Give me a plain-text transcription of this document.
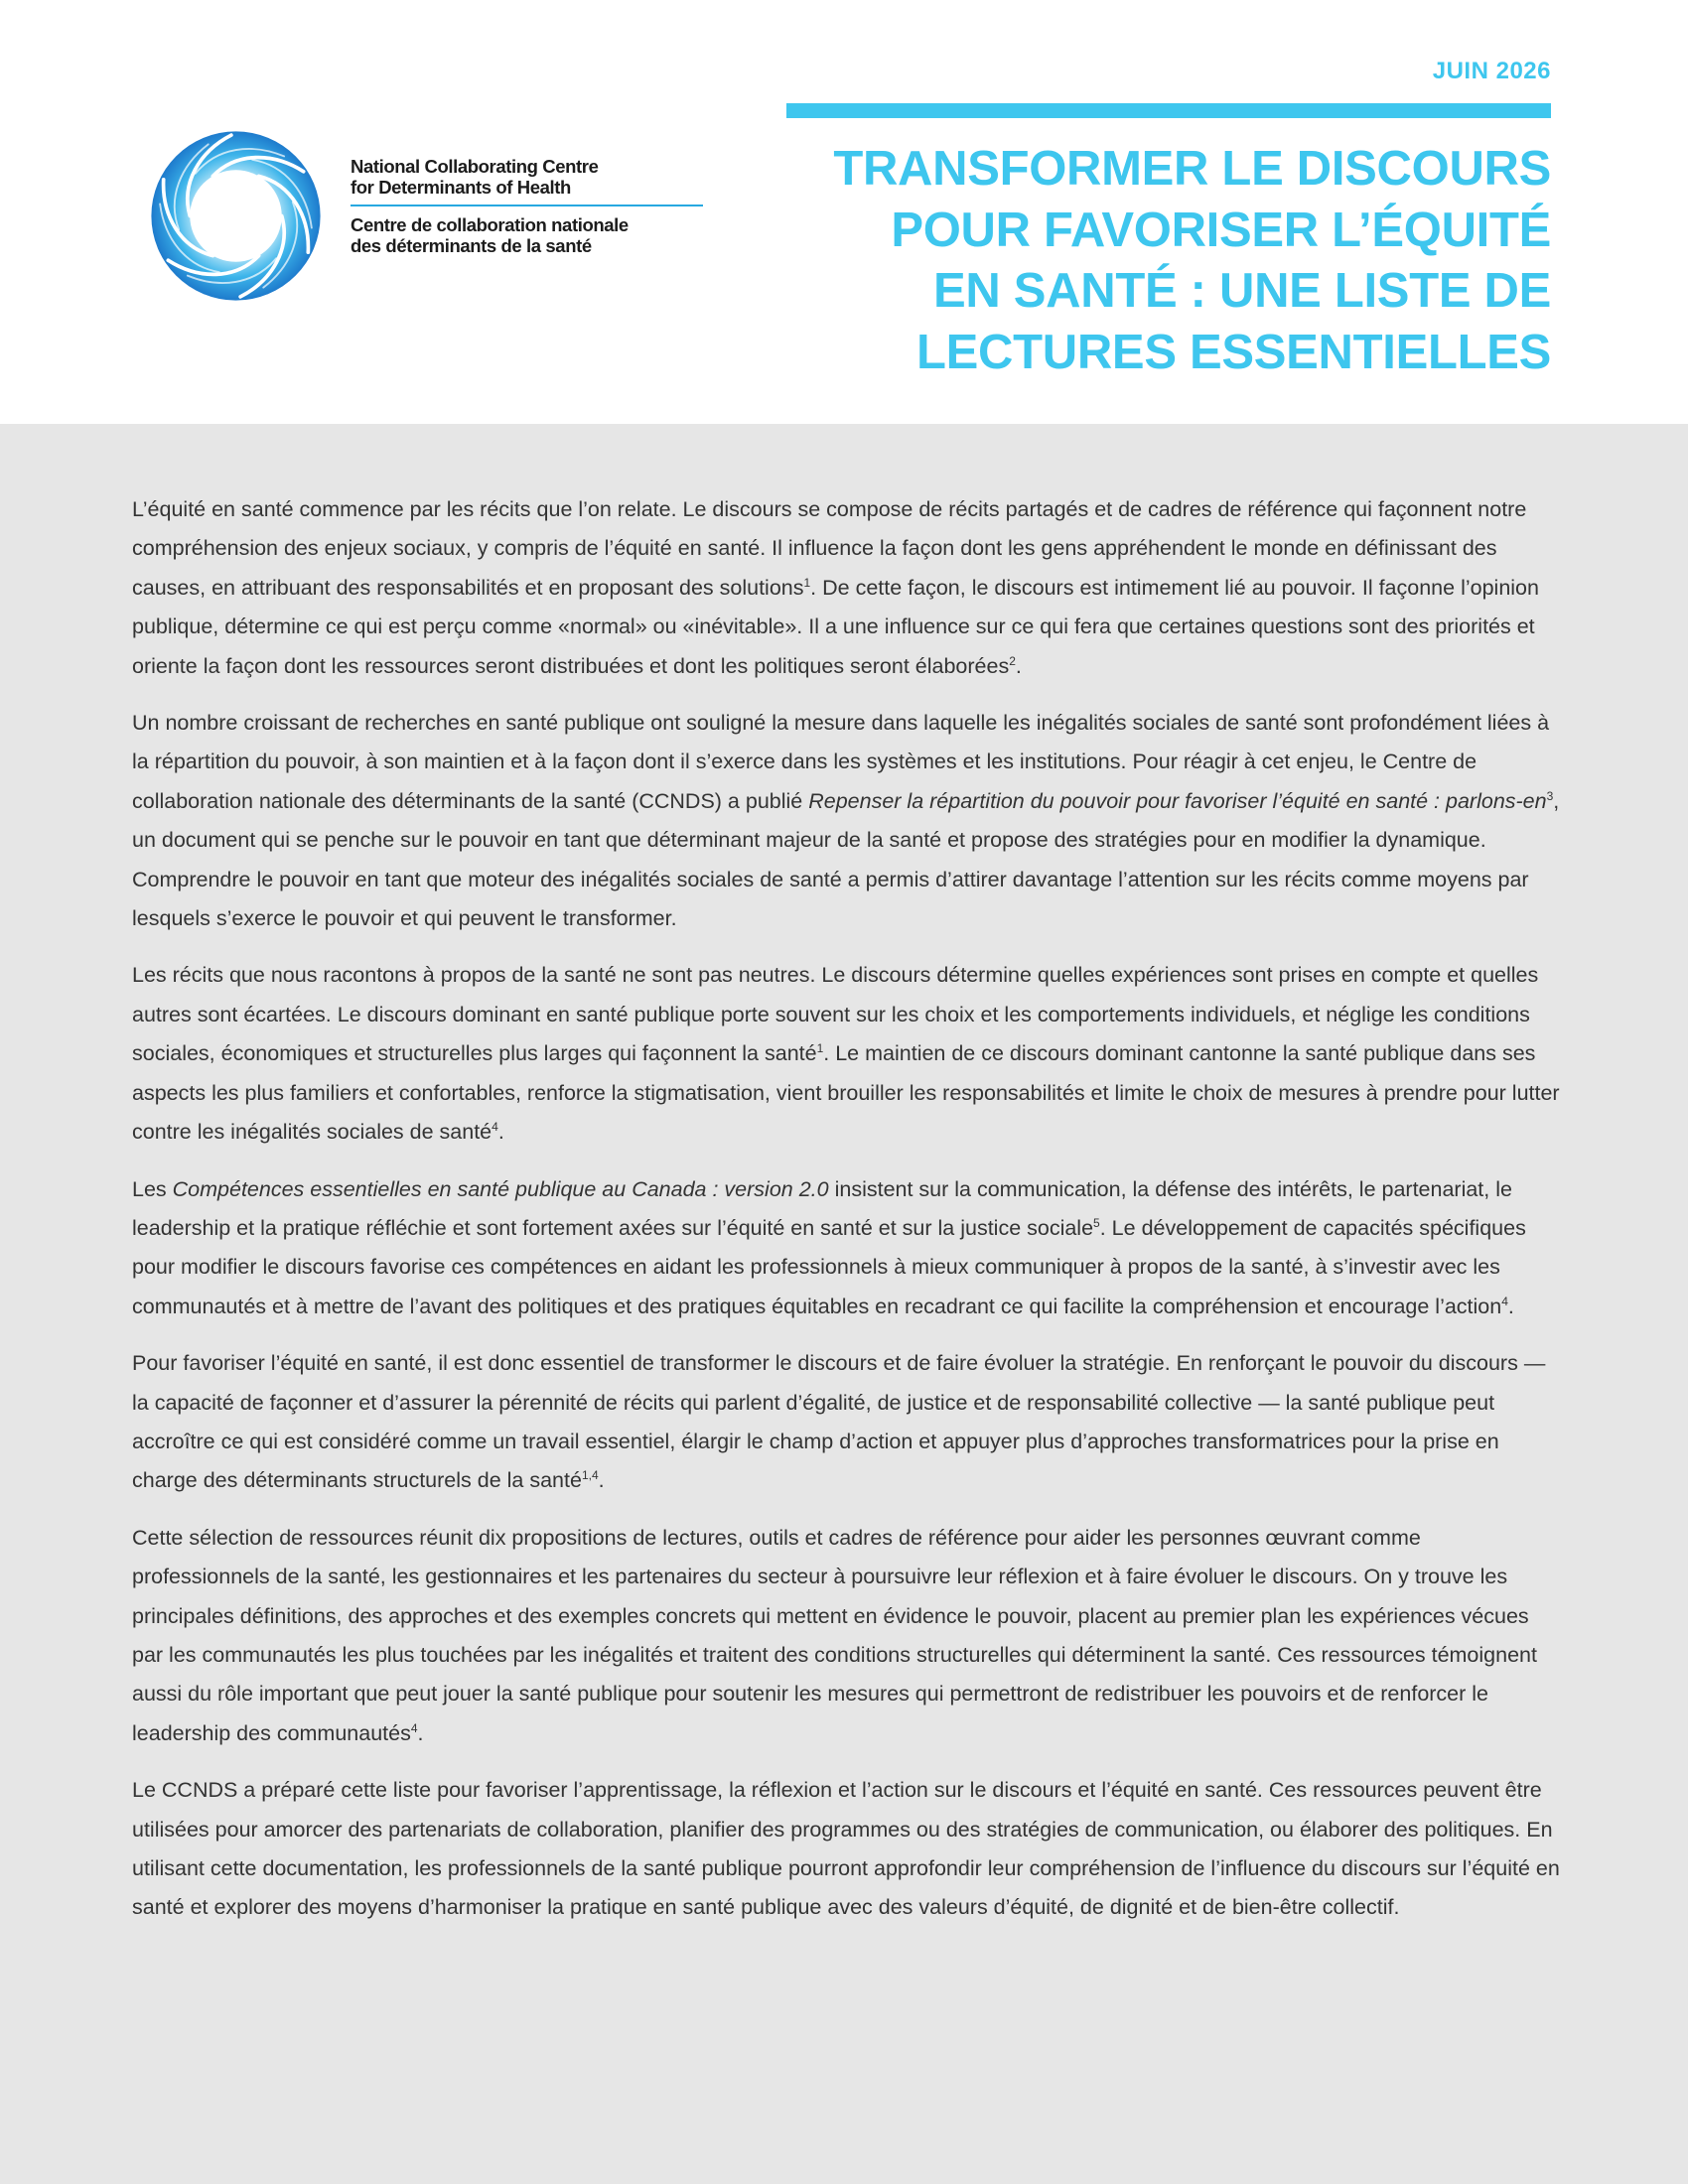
National Collaborating Centre
for Determinants of Health
Centre de collaboration nationale
des déterminants de la santé
JUIN 2026
TRANSFORMER LE DISCOURS
POUR FAVORISER L’ÉQUITÉ
EN SANTÉ : UNE LISTE DE
LECTURES ESSENTIELLES

L’équité en santé commence par les récits que l’on relate. Le discours se compose de récits partagés et de cadres de référence qui façonnent notre compréhension des enjeux sociaux, y compris de l’équité en santé. Il influence la façon dont les gens appréhendent le monde en définissant des causes, en attribuant des responsabilités et en proposant des solutions$^1$. De cette façon, le discours est intimement lié au pouvoir. Il façonne l’opinion publique, détermine ce qui est perçu comme «normal» ou «inévitable». Il a une influence sur ce qui fera que certaines questions sont des priorités et oriente la façon dont les ressources seront distribuées et dont les politiques seront élaborées$^2$.

Un nombre croissant de recherches en santé publique ont souligné la mesure dans laquelle les inégalités sociales de santé sont profondément liées à la répartition du pouvoir, à son maintien et à la façon dont il s’exerce dans les systèmes et les institutions. Pour réagir à cet enjeu, le Centre de collaboration nationale des déterminants de la santé (CCNDS) a publié Repenser la répartition du pouvoir pour favoriser l’équité en santé : parlons-$en^3$, un document qui se penche sur le pouvoir en tant que déterminant majeur de la santé et propose des stratégies pour en modifier la dynamique. Comprendre le pouvoir en tant que moteur des inégalités sociales de santé a permis d’attirer davantage l’attention sur les récits comme moyens par lesquels s’exerce le pouvoir et qui peuvent le transformer.

Les récits que nous racontons à propos de la santé ne sont pas neutres. Le discours détermine quelles expériences sont prises en compte et quelles autres sont écartées. Le discours dominant en santé publique porte souvent sur les choix et les comportements individuels, et néglige les conditions sociales, économiques et structurelles plus larges qui façonnent la santé$^1$. Le maintien de ce discours dominant cantonne la santé publique dans ses aspects les plus familiers et confortables, renforce la stigmatisation, vient brouiller les responsabilités et limite le choix de mesures à prendre pour lutter contre les inégalités sociales de santé$^4$.

Les Compétences essentielles en santé publique au Canada : version 2.0 insistent sur la communication, la défense des intérêts, le partenariat, le leadership et la pratique réfléchie et sont fortement axées sur l’équité en santé et sur la justice sociale$^5$. Le développement de capacités spécifiques pour modifier le discours favorise ces compétences en aidant les professionnels à mieux communiquer à propos de la santé, à s’investir avec les communautés et à mettre de l’avant des politiques et des pratiques équitables en recadrant ce qui facilite la compréhension et encourage l’action$^4$.

Pour favoriser l’équité en santé, il est donc essentiel de transformer le discours et de faire évoluer la stratégie. En renforçant le pouvoir du discours — la capacité de façonner et d’assurer la pérennité de récits qui parlent d’égalité, de justice et de responsabilité collective — la santé publique peut accroître ce qui est considéré comme un travail essentiel, élargir le champ d’action et appuyer plus d’approches transformatrices pour la prise en charge des déterminants structurels de la santé$^{1,4}$.

Cette sélection de ressources réunit dix propositions de lectures, outils et cadres de référence pour aider les personnes œuvrant comme professionnels de la santé, les gestionnaires et les partenaires du secteur à poursuivre leur réflexion et à faire évoluer le discours. On y trouve les principales définitions, des approches et des exemples concrets qui mettent en évidence le pouvoir, placent au premier plan les expériences vécues par les communautés les plus touchées par les inégalités et traitent des conditions structurelles qui déterminent la santé. Ces ressources témoignent aussi du rôle important que peut jouer la santé publique pour soutenir les mesures qui permettront de redistribuer les pouvoirs et de renforcer le leadership des communautés$^4$.

Le CCNDS a préparé cette liste pour favoriser l’apprentissage, la réflexion et l’action sur le discours et l’équité en santé. Ces ressources peuvent être utilisées pour amorcer des partenariats de collaboration, planifier des programmes ou des stratégies de communication, ou élaborer des politiques. En utilisant cette documentation, les professionnels de la santé publique pourront approfondir leur compréhension de l’influence du discours sur l’équité en santé et explorer des moyens d’harmoniser la pratique en santé publique avec des valeurs d’équité, de dignité et de bien-être collectif.
